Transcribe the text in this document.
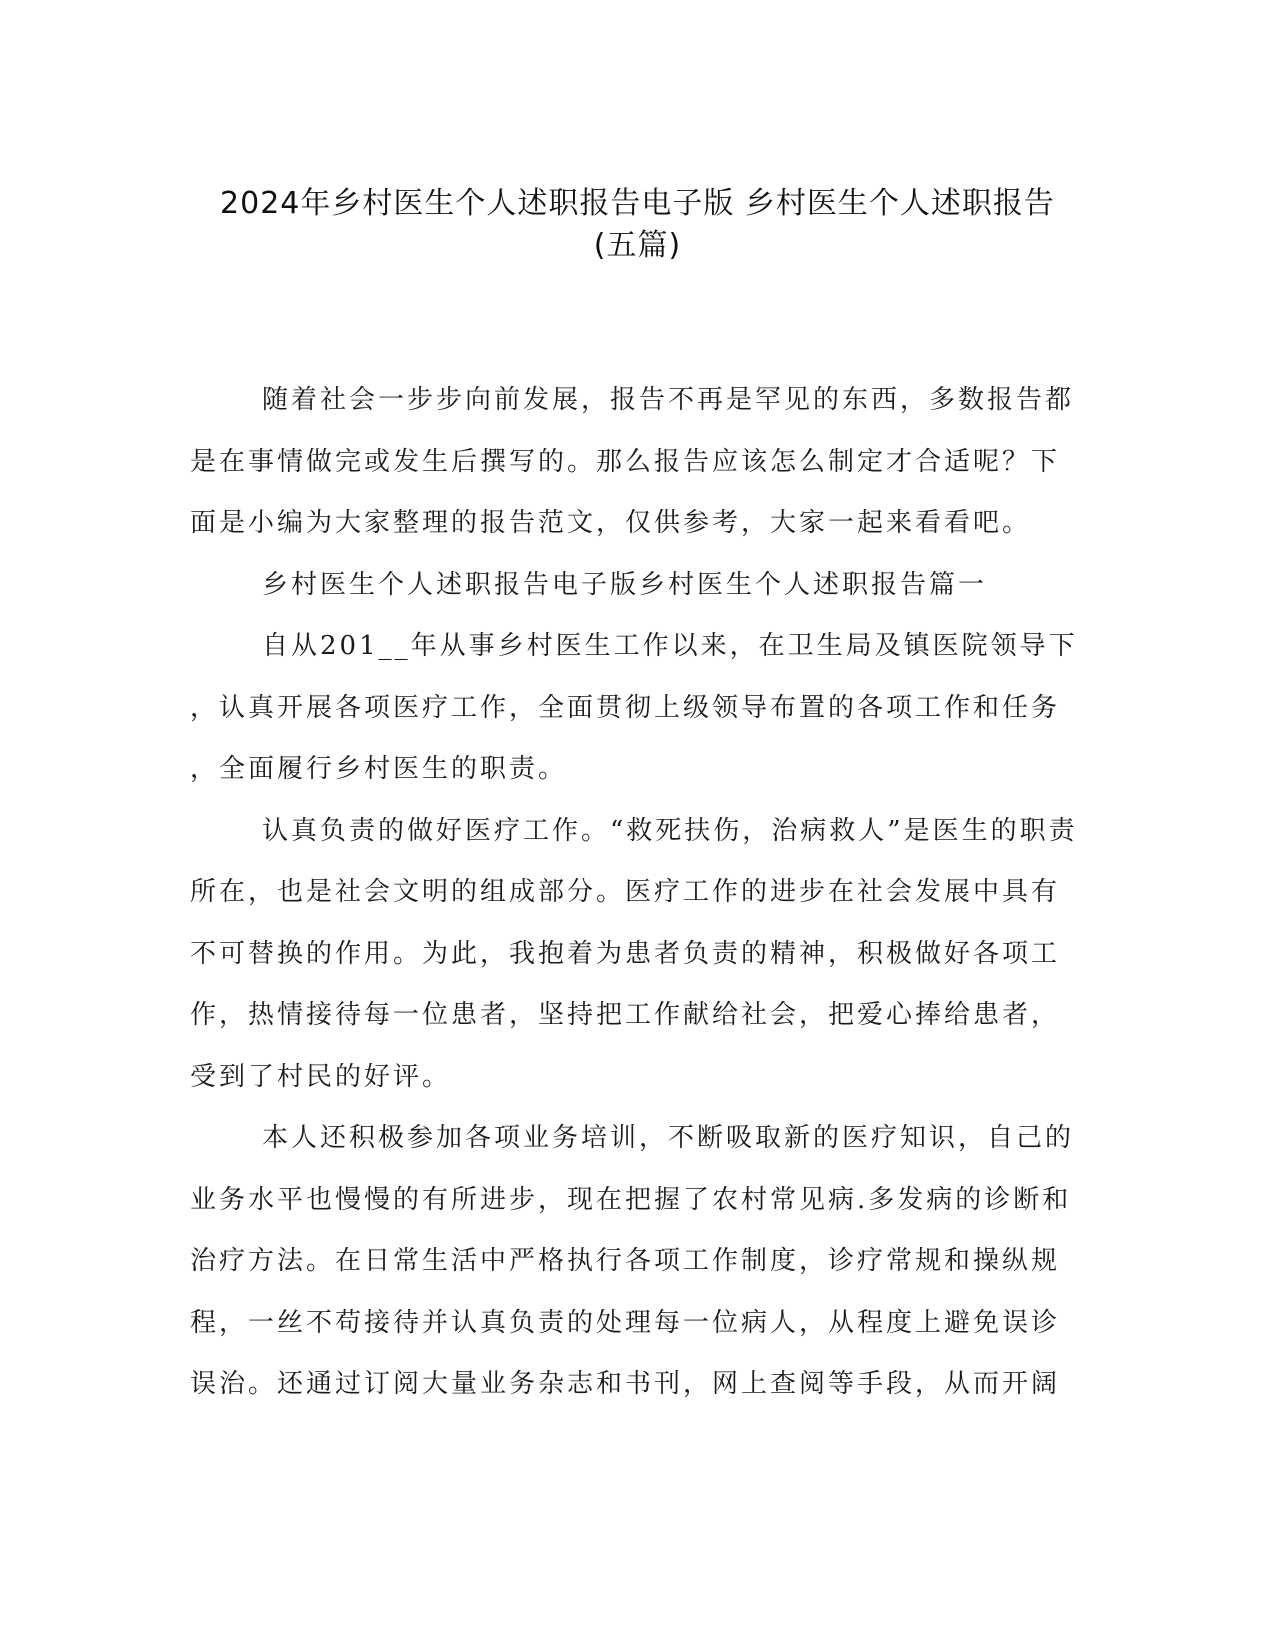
2024年乡村医生个人述职报告电子版 乡村医生个人述职报告
(五篇)
随着社会一步步向前发展，报告不再是罕见的东西，多数报告都
是在事情做完或发生后撰写的。那么报告应该怎么制定才合适呢？下
面是小编为大家整理的报告范文，仅供参考，大家一起来看看吧。
乡村医生个人述职报告电子版乡村医生个人述职报告篇一
自从201__年从事乡村医生工作以来，在卫生局及镇医院领导下
，认真开展各项医疗工作，全面贯彻上级领导布置的各项工作和任务
，全面履行乡村医生的职责。
认真负责的做好医疗工作。“救死扶伤，治病救人”是医生的职责
所在，也是社会文明的组成部分。医疗工作的进步在社会发展中具有
不可替换的作用。为此，我抱着为患者负责的精神，积极做好各项工
作，热情接待每一位患者，坚持把工作献给社会，把爱心捧给患者，
受到了村民的好评。
本人还积极参加各项业务培训，不断吸取新的医疗知识，自己的
业务水平也慢慢的有所进步，现在把握了农村常见病.多发病的诊断和
治疗方法。在日常生活中严格执行各项工作制度，诊疗常规和操纵规
程，一丝不苟接待并认真负责的处理每一位病人，从程度上避免误诊
误治。还通过订阅大量业务杂志和书刊，网上查阅等手段，从而开阔
